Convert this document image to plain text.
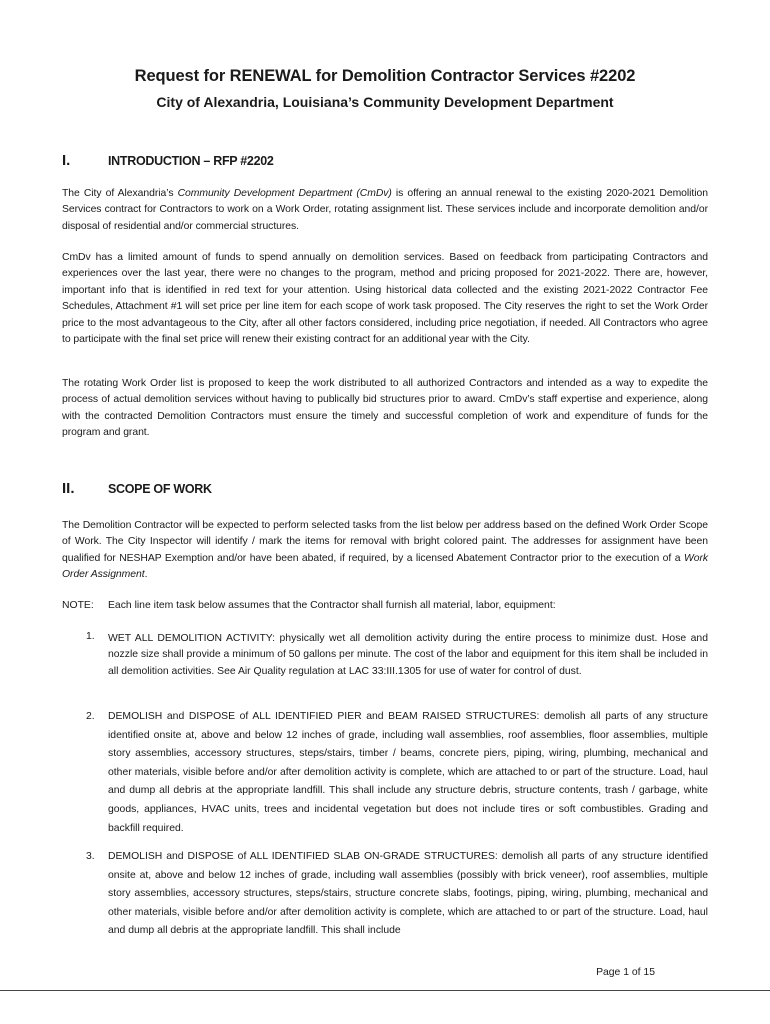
Request for RENEWAL for Demolition Contractor Services #2202
City of Alexandria, Louisiana’s Community Development Department
I.	INTRODUCTION – RFP #2202
The City of Alexandria’s Community Development Department (CmDv) is offering an annual renewal to the existing 2020-2021 Demolition Services contract for Contractors to work on a Work Order, rotating assignment list. These services include and incorporate demolition and/or disposal of residential and/or commercial structures.
CmDv has a limited amount of funds to spend annually on demolition services. Based on feedback from participating Contractors and experiences over the last year, there were no changes to the program, method and pricing proposed for 2021-2022. There are, however, important info that is identified in red text for your attention. Using historical data collected and the existing 2021-2022 Contractor Fee Schedules, Attachment #1 will set price per line item for each scope of work task proposed. The City reserves the right to set the Work Order price to the most advantageous to the City, after all other factors considered, including price negotiation, if needed. All Contractors who agree to participate with the final set price will renew their existing contract for an additional year with the City.
The rotating Work Order list is proposed to keep the work distributed to all authorized Contractors and intended as a way to expedite the process of actual demolition services without having to publically bid structures prior to award. CmDv’s staff expertise and experience, along with the contracted Demolition Contractors must ensure the timely and successful completion of work and expenditure of funds for the program and grant.
II.	SCOPE OF WORK
The Demolition Contractor will be expected to perform selected tasks from the list below per address based on the defined Work Order Scope of Work. The City Inspector will identify / mark the items for removal with bright colored paint. The addresses for assignment have been qualified for NESHAP Exemption and/or have been abated, if required, by a licensed Abatement Contractor prior to the execution of a Work Order Assignment.
NOTE: Each line item task below assumes that the Contractor shall furnish all material, labor, equipment:
1. WET ALL DEMOLITION ACTIVITY: physically wet all demolition activity during the entire process to minimize dust. Hose and nozzle size shall provide a minimum of 50 gallons per minute. The cost of the labor and equipment for this item shall be included in all demolition activities. See Air Quality regulation at LAC 33:III.1305 for use of water for control of dust.
2. DEMOLISH and DISPOSE of ALL IDENTIFIED PIER and BEAM RAISED STRUCTURES: demolish all parts of any structure identified onsite at, above and below 12 inches of grade, including wall assemblies, roof assemblies, floor assemblies, multiple story assemblies, accessory structures, steps/stairs, timber / beams, concrete piers, piping, wiring, plumbing, mechanical and other materials, visible before and/or after demolition activity is complete, which are attached to or part of the structure. Load, haul and dump all debris at the appropriate landfill. This shall include any structure debris, structure contents, trash / garbage, white goods, appliances, HVAC units, trees and incidental vegetation but does not include tires or soft combustibles. Grading and backfill required.
3. DEMOLISH and DISPOSE of ALL IDENTIFIED SLAB ON-GRADE STRUCTURES: demolish all parts of any structure identified onsite at, above and below 12 inches of grade, including wall assemblies (possibly with brick veneer), roof assemblies, multiple story assemblies, accessory structures, steps/stairs, structure concrete slabs, footings, piping, wiring, plumbing, mechanical and other materials, visible before and/or after demolition activity is complete, which are attached to or part of the structure. Load, haul and dump all debris at the appropriate landfill. This shall include
Page 1 of 15
